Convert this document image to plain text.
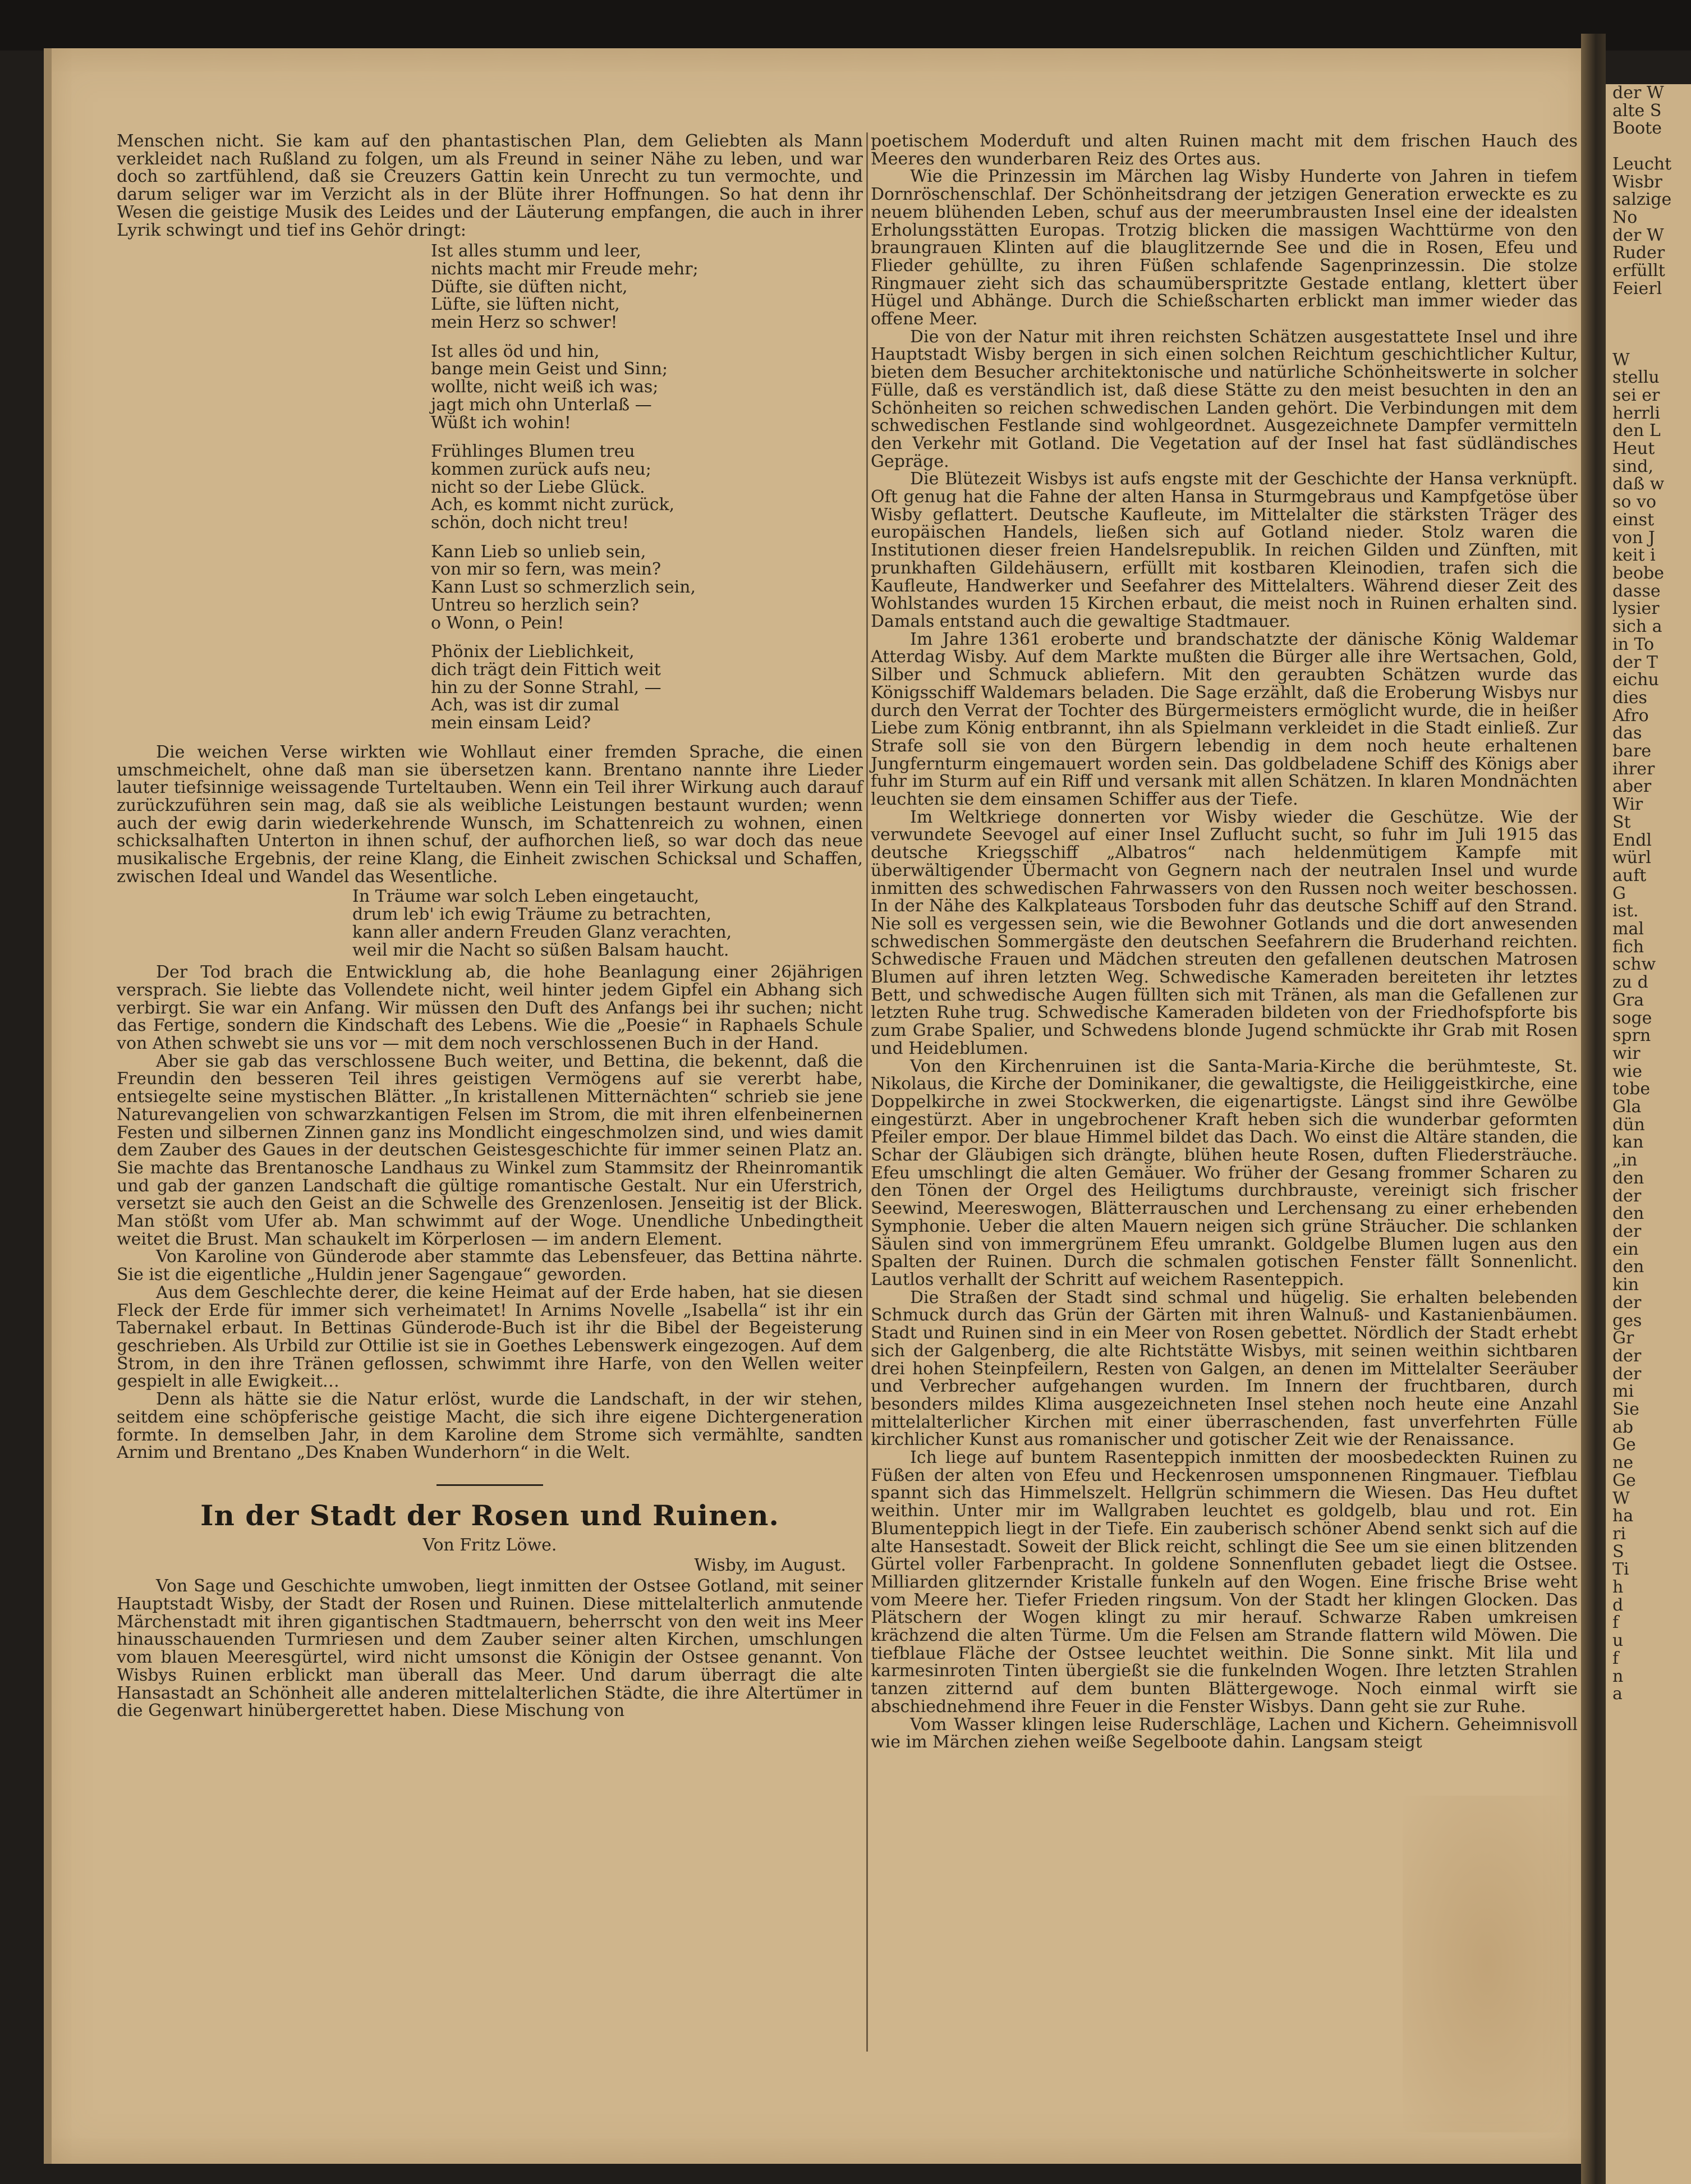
Menschen nicht. Sie kam auf den phantastischen Plan, dem Geliebten als Mann verkleidet nach Rußland zu folgen, um als Freund in seiner Nähe zu leben, und war doch so zartfühlend, daß sie Creuzers Gattin kein Unrecht zu tun vermochte, und darum seliger war im Verzicht als in der Blüte ihrer Hoffnungen. So hat denn ihr Wesen die geistige Musik des Leides und der Läuterung empfangen, die auch in ihrer Lyrik schwingt und tief ins Gehör dringt:

Ist alles stumm und leer,
nichts macht mir Freude mehr;
Düfte, sie düften nicht,
Lüfte, sie lüften nicht,
mein Herz so schwer!
Ist alles öd und hin,
bange mein Geist und Sinn;
wollte, nicht weiß ich was;
jagt mich ohn Unterlaß —
Wüßt ich wohin!
Frühlinges Blumen treu
kommen zurück aufs neu;
nicht so der Liebe Glück.
Ach, es kommt nicht zurück,
schön, doch nicht treu!
Kann Lieb so unlieb sein,
von mir so fern, was mein?
Kann Lust so schmerzlich sein,
Untreu so herzlich sein?
o Wonn, o Pein!
Phönix der Lieblichkeit,
dich trägt dein Fittich weit
hin zu der Sonne Strahl, —
Ach, was ist dir zumal
mein einsam Leid?

Die weichen Verse wirkten wie Wohllaut einer fremden Sprache, die einen umschmeichelt, ohne daß man sie übersetzen kann. Brentano nannte ihre Lieder lauter tiefsinnige weissagende Turteltauben. Wenn ein Teil ihrer Wirkung auch darauf zurückzuführen sein mag, daß sie als weibliche Leistungen bestaunt wurden; wenn auch der ewig darin wiederkehrende Wunsch, im Schattenreich zu wohnen, einen schicksalhaften Unterton in ihnen schuf, der aufhorchen ließ, so war doch das neue musikalische Ergebnis, der reine Klang, die Einheit zwischen Schicksal und Schaffen, zwischen Ideal und Wandel das Wesentliche.

In Träume war solch Leben eingetaucht,
drum leb' ich ewig Träume zu betrachten,
kann aller andern Freuden Glanz verachten,
weil mir die Nacht so süßen Balsam haucht.

Der Tod brach die Entwicklung ab, die hohe Beanlagung einer 26jährigen versprach. Sie liebte das Vollendete nicht, weil hinter jedem Gipfel ein Abhang sich verbirgt. Sie war ein Anfang. Wir müssen den Duft des Anfangs bei ihr suchen; nicht das Fertige, sondern die Kindschaft des Lebens. Wie die „Poesie“ in Raphaels Schule von Athen schwebt sie uns vor — mit dem noch verschlossenen Buch in der Hand.

Aber sie gab das verschlossene Buch weiter, und Bettina, die bekennt, daß die Freundin den besseren Teil ihres geistigen Vermögens auf sie vererbt habe, entsiegelte seine mystischen Blätter. „In kristallenen Mitternächten“ schrieb sie jene Naturevangelien von schwarzkantigen Felsen im Strom, die mit ihren elfenbeinernen Festen und silbernen Zinnen ganz ins Mondlicht eingeschmolzen sind, und wies damit dem Zauber des Gaues in der deutschen Geistesgeschichte für immer seinen Platz an. Sie machte das Brentanosche Landhaus zu Winkel zum Stammsitz der Rheinromantik und gab der ganzen Landschaft die gültige romantische Gestalt. Nur ein Uferstrich, versetzt sie auch den Geist an die Schwelle des Grenzenlosen. Jenseitig ist der Blick. Man stößt vom Ufer ab. Man schwimmt auf der Woge. Unendliche Unbedingtheit weitet die Brust. Man schaukelt im Körperlosen — im andern Element.

Von Karoline von Günderode aber stammte das Lebensfeuer, das Bettina nährte. Sie ist die eigentliche „Huldin jener Sagengaue“ geworden.

Aus dem Geschlechte derer, die keine Heimat auf der Erde haben, hat sie diesen Fleck der Erde für immer sich verheimatet! In Arnims Novelle „Isabella“ ist ihr ein Tabernakel erbaut. In Bettinas Günderode-Buch ist ihr die Bibel der Begeisterung geschrieben. Als Urbild zur Ottilie ist sie in Goethes Lebenswerk eingezogen. Auf dem Strom, in den ihre Tränen geflossen, schwimmt ihre Harfe, von den Wellen weiter gespielt in alle Ewigkeit…

Denn als hätte sie die Natur erlöst, wurde die Landschaft, in der wir stehen, seitdem eine schöpferische geistige Macht, die sich ihre eigene Dichtergeneration formte. In demselben Jahr, in dem Karoline dem Strome sich vermählte, sandten Arnim und Brentano „Des Knaben Wunderhorn“ in die Welt.

In der Stadt der Rosen und Ruinen.
Von Fritz Löwe.
Wisby, im August.

Von Sage und Geschichte umwoben, liegt inmitten der Ostsee Gotland, mit seiner Hauptstadt Wisby, der Stadt der Rosen und Ruinen. Diese mittelalterlich anmutende Märchenstadt mit ihren gigantischen Stadtmauern, beherrscht von den weit ins Meer hinausschauenden Turmriesen und dem Zauber seiner alten Kirchen, umschlungen vom blauen Meeresgürtel, wird nicht umsonst die Königin der Ostsee genannt. Von Wisbys Ruinen erblickt man überall das Meer. Und darum überragt die alte Hansastadt an Schönheit alle anderen mittelalterlichen Städte, die ihre Altertümer in die Gegenwart hinübergerettet haben. Diese Mischung von

poetischem Moderduft und alten Ruinen macht mit dem frischen Hauch des Meeres den wunderbaren Reiz des Ortes aus.

Wie die Prinzessin im Märchen lag Wisby Hunderte von Jahren in tiefem Dornröschenschlaf. Der Schönheitsdrang der jetzigen Generation erweckte es zu neuem blühenden Leben, schuf aus der meerumbrausten Insel eine der idealsten Erholungsstätten Europas. Trotzig blicken die massigen Wachttürme von den braungrauen Klinten auf die blauglitzernde See und die in Rosen, Efeu und Flieder gehüllte, zu ihren Füßen schlafende Sagenprinzessin. Die stolze Ringmauer zieht sich das schaumüberspritzte Gestade entlang, klettert über Hügel und Abhänge. Durch die Schießscharten erblickt man immer wieder das offene Meer.

Die von der Natur mit ihren reichsten Schätzen ausgestattete Insel und ihre Hauptstadt Wisby bergen in sich einen solchen Reichtum geschichtlicher Kultur, bieten dem Besucher architektonische und natürliche Schönheitswerte in solcher Fülle, daß es verständlich ist, daß diese Stätte zu den meist besuchten in den an Schönheiten so reichen schwedischen Landen gehört. Die Verbindungen mit dem schwedischen Festlande sind wohlgeordnet. Ausgezeichnete Dampfer vermitteln den Verkehr mit Gotland. Die Vegetation auf der Insel hat fast südländisches Gepräge.

Die Blütezeit Wisbys ist aufs engste mit der Geschichte der Hansa verknüpft. Oft genug hat die Fahne der alten Hansa in Sturmgebraus und Kampfgetöse über Wisby geflattert. Deutsche Kaufleute, im Mittelalter die stärksten Träger des europäischen Handels, ließen sich auf Gotland nieder. Stolz waren die Institutionen dieser freien Handelsrepublik. In reichen Gilden und Zünften, mit prunkhaften Gildehäusern, erfüllt mit kostbaren Kleinodien, trafen sich die Kaufleute, Handwerker und Seefahrer des Mittelalters. Während dieser Zeit des Wohlstandes wurden 15 Kirchen erbaut, die meist noch in Ruinen erhalten sind. Damals entstand auch die gewaltige Stadtmauer.

Im Jahre 1361 eroberte und brandschatzte der dänische König Waldemar Atterdag Wisby. Auf dem Markte mußten die Bürger alle ihre Wertsachen, Gold, Silber und Schmuck abliefern. Mit den geraubten Schätzen wurde das Königsschiff Waldemars beladen. Die Sage erzählt, daß die Eroberung Wisbys nur durch den Verrat der Tochter des Bürgermeisters ermöglicht wurde, die in heißer Liebe zum König entbrannt, ihn als Spielmann verkleidet in die Stadt einließ. Zur Strafe soll sie von den Bürgern lebendig in dem noch heute erhaltenen Jungfernturm eingemauert worden sein. Das goldbeladene Schiff des Königs aber fuhr im Sturm auf ein Riff und versank mit allen Schätzen. In klaren Mondnächten leuchten sie dem einsamen Schiffer aus der Tiefe.

Im Weltkriege donnerten vor Wisby wieder die Geschütze. Wie der verwundete Seevogel auf einer Insel Zuflucht sucht, so fuhr im Juli 1915 das deutsche Kriegsschiff „Albatros“ nach heldenmütigem Kampfe mit überwältigender Übermacht von Gegnern nach der neutralen Insel und wurde inmitten des schwedischen Fahrwassers von den Russen noch weiter beschossen. In der Nähe des Kalkplateaus Torsboden fuhr das deutsche Schiff auf den Strand. Nie soll es vergessen sein, wie die Bewohner Gotlands und die dort anwesenden schwedischen Sommergäste den deutschen Seefahrern die Bruderhand reichten. Schwedische Frauen und Mädchen streuten den gefallenen deutschen Matrosen Blumen auf ihren letzten Weg. Schwedische Kameraden bereiteten ihr letztes Bett, und schwedische Augen füllten sich mit Tränen, als man die Gefallenen zur letzten Ruhe trug. Schwedische Kameraden bildeten von der Friedhofspforte bis zum Grabe Spalier, und Schwedens blonde Jugend schmückte ihr Grab mit Rosen und Heideblumen.

Von den Kirchenruinen ist die Santa-Maria-Kirche die berühmteste, St. Nikolaus, die Kirche der Dominikaner, die gewaltigste, die Heiliggeistkirche, eine Doppelkirche in zwei Stockwerken, die eigenartigste. Längst sind ihre Gewölbe eingestürzt. Aber in ungebrochener Kraft heben sich die wunderbar geformten Pfeiler empor. Der blaue Himmel bildet das Dach. Wo einst die Altäre standen, die Schar der Gläubigen sich drängte, blühen heute Rosen, duften Fliedersträuche. Efeu umschlingt die alten Gemäuer. Wo früher der Gesang frommer Scharen zu den Tönen der Orgel des Heiligtums durchbrauste, vereinigt sich frischer Seewind, Meereswogen, Blätterrauschen und Lerchensang zu einer erhebenden Symphonie. Ueber die alten Mauern neigen sich grüne Sträucher. Die schlanken Säulen sind von immergrünem Efeu umrankt. Goldgelbe Blumen lugen aus den Spalten der Ruinen. Durch die schmalen gotischen Fenster fällt Sonnenlicht. Lautlos verhallt der Schritt auf weichem Rasenteppich.

Die Straßen der Stadt sind schmal und hügelig. Sie erhalten belebenden Schmuck durch das Grün der Gärten mit ihren Walnuß- und Kastanienbäumen. Stadt und Ruinen sind in ein Meer von Rosen gebettet. Nördlich der Stadt erhebt sich der Galgenberg, die alte Richtstätte Wisbys, mit seinen weithin sichtbaren drei hohen Steinpfeilern, Resten von Galgen, an denen im Mittelalter Seeräuber und Verbrecher aufgehangen wurden. Im Innern der fruchtbaren, durch besonders mildes Klima ausgezeichneten Insel stehen noch heute eine Anzahl mittelalterlicher Kirchen mit einer überraschenden, fast unverfehrten Fülle kirchlicher Kunst aus romanischer und gotischer Zeit wie der Renaissance.

Ich liege auf buntem Rasenteppich inmitten der moosbedeckten Ruinen zu Füßen der alten von Efeu und Heckenrosen umsponnenen Ringmauer. Tiefblau spannt sich das Himmelszelt. Hellgrün schimmern die Wiesen. Das Heu duftet weithin. Unter mir im Wallgraben leuchtet es goldgelb, blau und rot. Ein Blumenteppich liegt in der Tiefe. Ein zauberisch schöner Abend senkt sich auf die alte Hansestadt. Soweit der Blick reicht, schlingt die See um sie einen blitzenden Gürtel voller Farbenpracht. In goldene Sonnenfluten gebadet liegt die Ostsee. Milliarden glitzernder Kristalle funkeln auf den Wogen. Eine frische Brise weht vom Meere her. Tiefer Frieden ringsum. Von der Stadt her klingen Glocken. Das Plätschern der Wogen klingt zu mir herauf. Schwarze Raben umkreisen krächzend die alten Türme. Um die Felsen am Strande flattern wild Möwen. Die tiefblaue Fläche der Ostsee leuchtet weithin. Die Sonne sinkt. Mit lila und karmesinroten Tinten übergießt sie die funkelnden Wogen. Ihre letzten Strahlen tanzen zitternd auf dem bunten Blättergewoge. Noch einmal wirft sie abschiednehmend ihre Feuer in die Fenster Wisbys. Dann geht sie zur Ruhe.

Vom Wasser klingen leise Ruderschläge, Lachen und Kichern. Geheimnisvoll wie im Märchen ziehen weiße Segelboote dahin. Langsam steigt

der W
alte S
Boote

Leucht
Wisbr
salzige
No
der W
Ruder
erfüllt
Feierl

W
stellu
sei er
herrli
den L
Heut
sind,
daß w
so vo
einst
von J
keit i
beobe
dasse
lysier
sich a
in To
der T
eichu
dies
Afro
das
bare
ihrer
aber
Wir
St
Endl
würl
auft
G
ist.
mal
fich
schw
zu d
Gra
soge
sprn
wir
wie
tobe
Gla
dün
kan
„in
den
der
den
der
ein
den
kin
der
ges
Gr
der
der
mi
Sie
ab
Ge
ne
Ge
W
ha
ri
S
Ti
h
d
f
u
f
n
a
